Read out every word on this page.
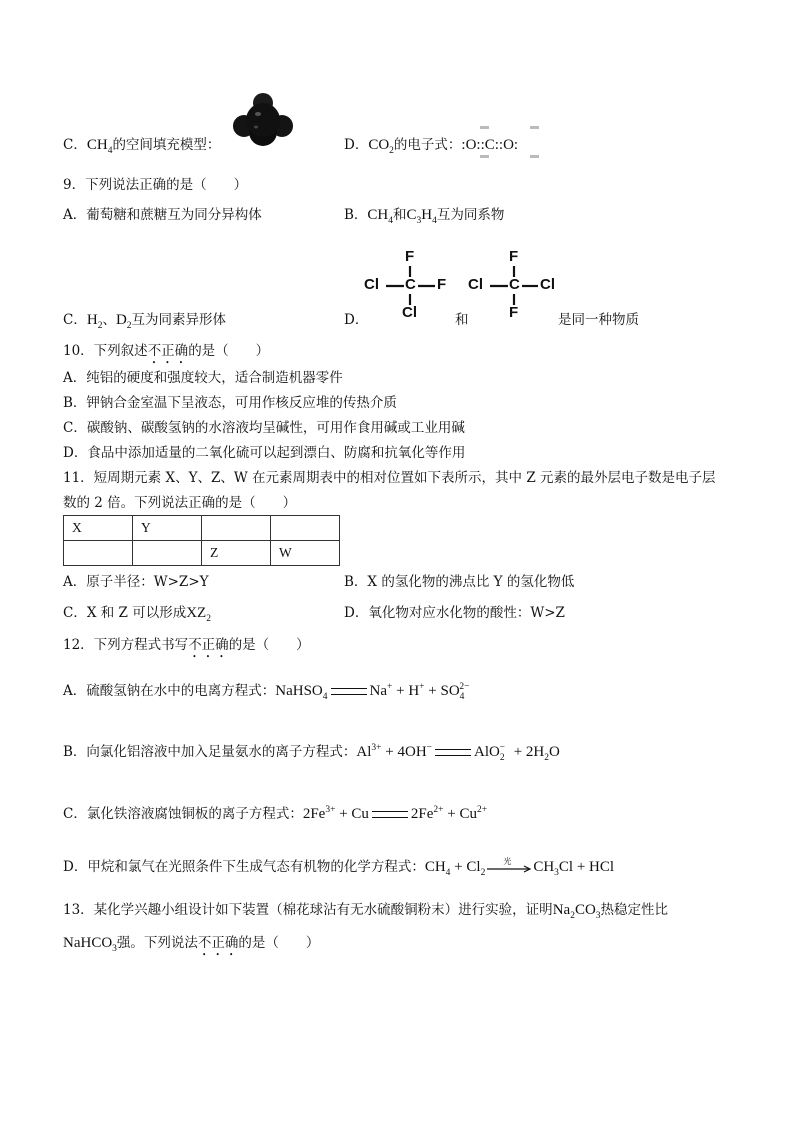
C．$CH_4$的空间填充模型：	D．$CO_2$的电子式：:O::C::O:
9．下列说法正确的是（　　）
A．葡萄糖和蔗糖互为同分异构体	B．$CH_4$和$C_3H_4$互为同系物
C．$H_2$、$D_2$互为同素异形体	D．
F
Cl C F
Cl	和
F
Cl C Cl
F	是同一种物质
10．下列叙述不正确的是（　　）
A．纯铝的硬度和强度较大，适合制造机器零件
B．钾钠合金室温下呈液态，可用作核反应堆的传热介质
C．碳酸钠、碳酸氢钠的水溶液均呈碱性，可用作食用碱或工业用碱
D．食品中添加适量的二氧化硫可以起到漂白、防腐和抗氧化等作用
11．短周期元素 X、Y、Z、W 在元素周期表中的相对位置如下表所示，其中 Z 元素的最外层电子数是电子层
数的 2 倍。下列说法正确的是（　　）
X	Y		
		Z	W
A．原子半径：W>Z>Y	B．X 的氢化物的沸点比 Y 的氢化物低
C．X 和 Z 可以形成$XZ_2$	D．氧化物对应水化物的酸性：W>Z
12．下列方程式书写不正确的是（　　）
A．硫酸氢钠在水中的电离方程式：NaHSO$_4$	$Na^+ + H^+ + SO_4^{2-}$
B．向氯化铝溶液中加入足量氨水的离子方程式：$Al^{3+} + 4OH^-$	$AlO_2^- + 2H_2O$
C．氯化铁溶液腐蚀铜板的离子方程式：$2Fe^{3+} + Cu$	$2Fe^{2+} + Cu^{2+}$
D．甲烷和氯气在光照条件下生成气态有机物的化学方程式：$CH_4 + Cl_2$
光 $CH_3Cl$ + HCl
13．某化学兴趣小组设计如下装置（棉花球沾有无水硫酸铜粉末）进行实验，证明$Na_2CO_3$热稳定性比
NaHCO$_3$强。下列说法不正确的是（　　）
